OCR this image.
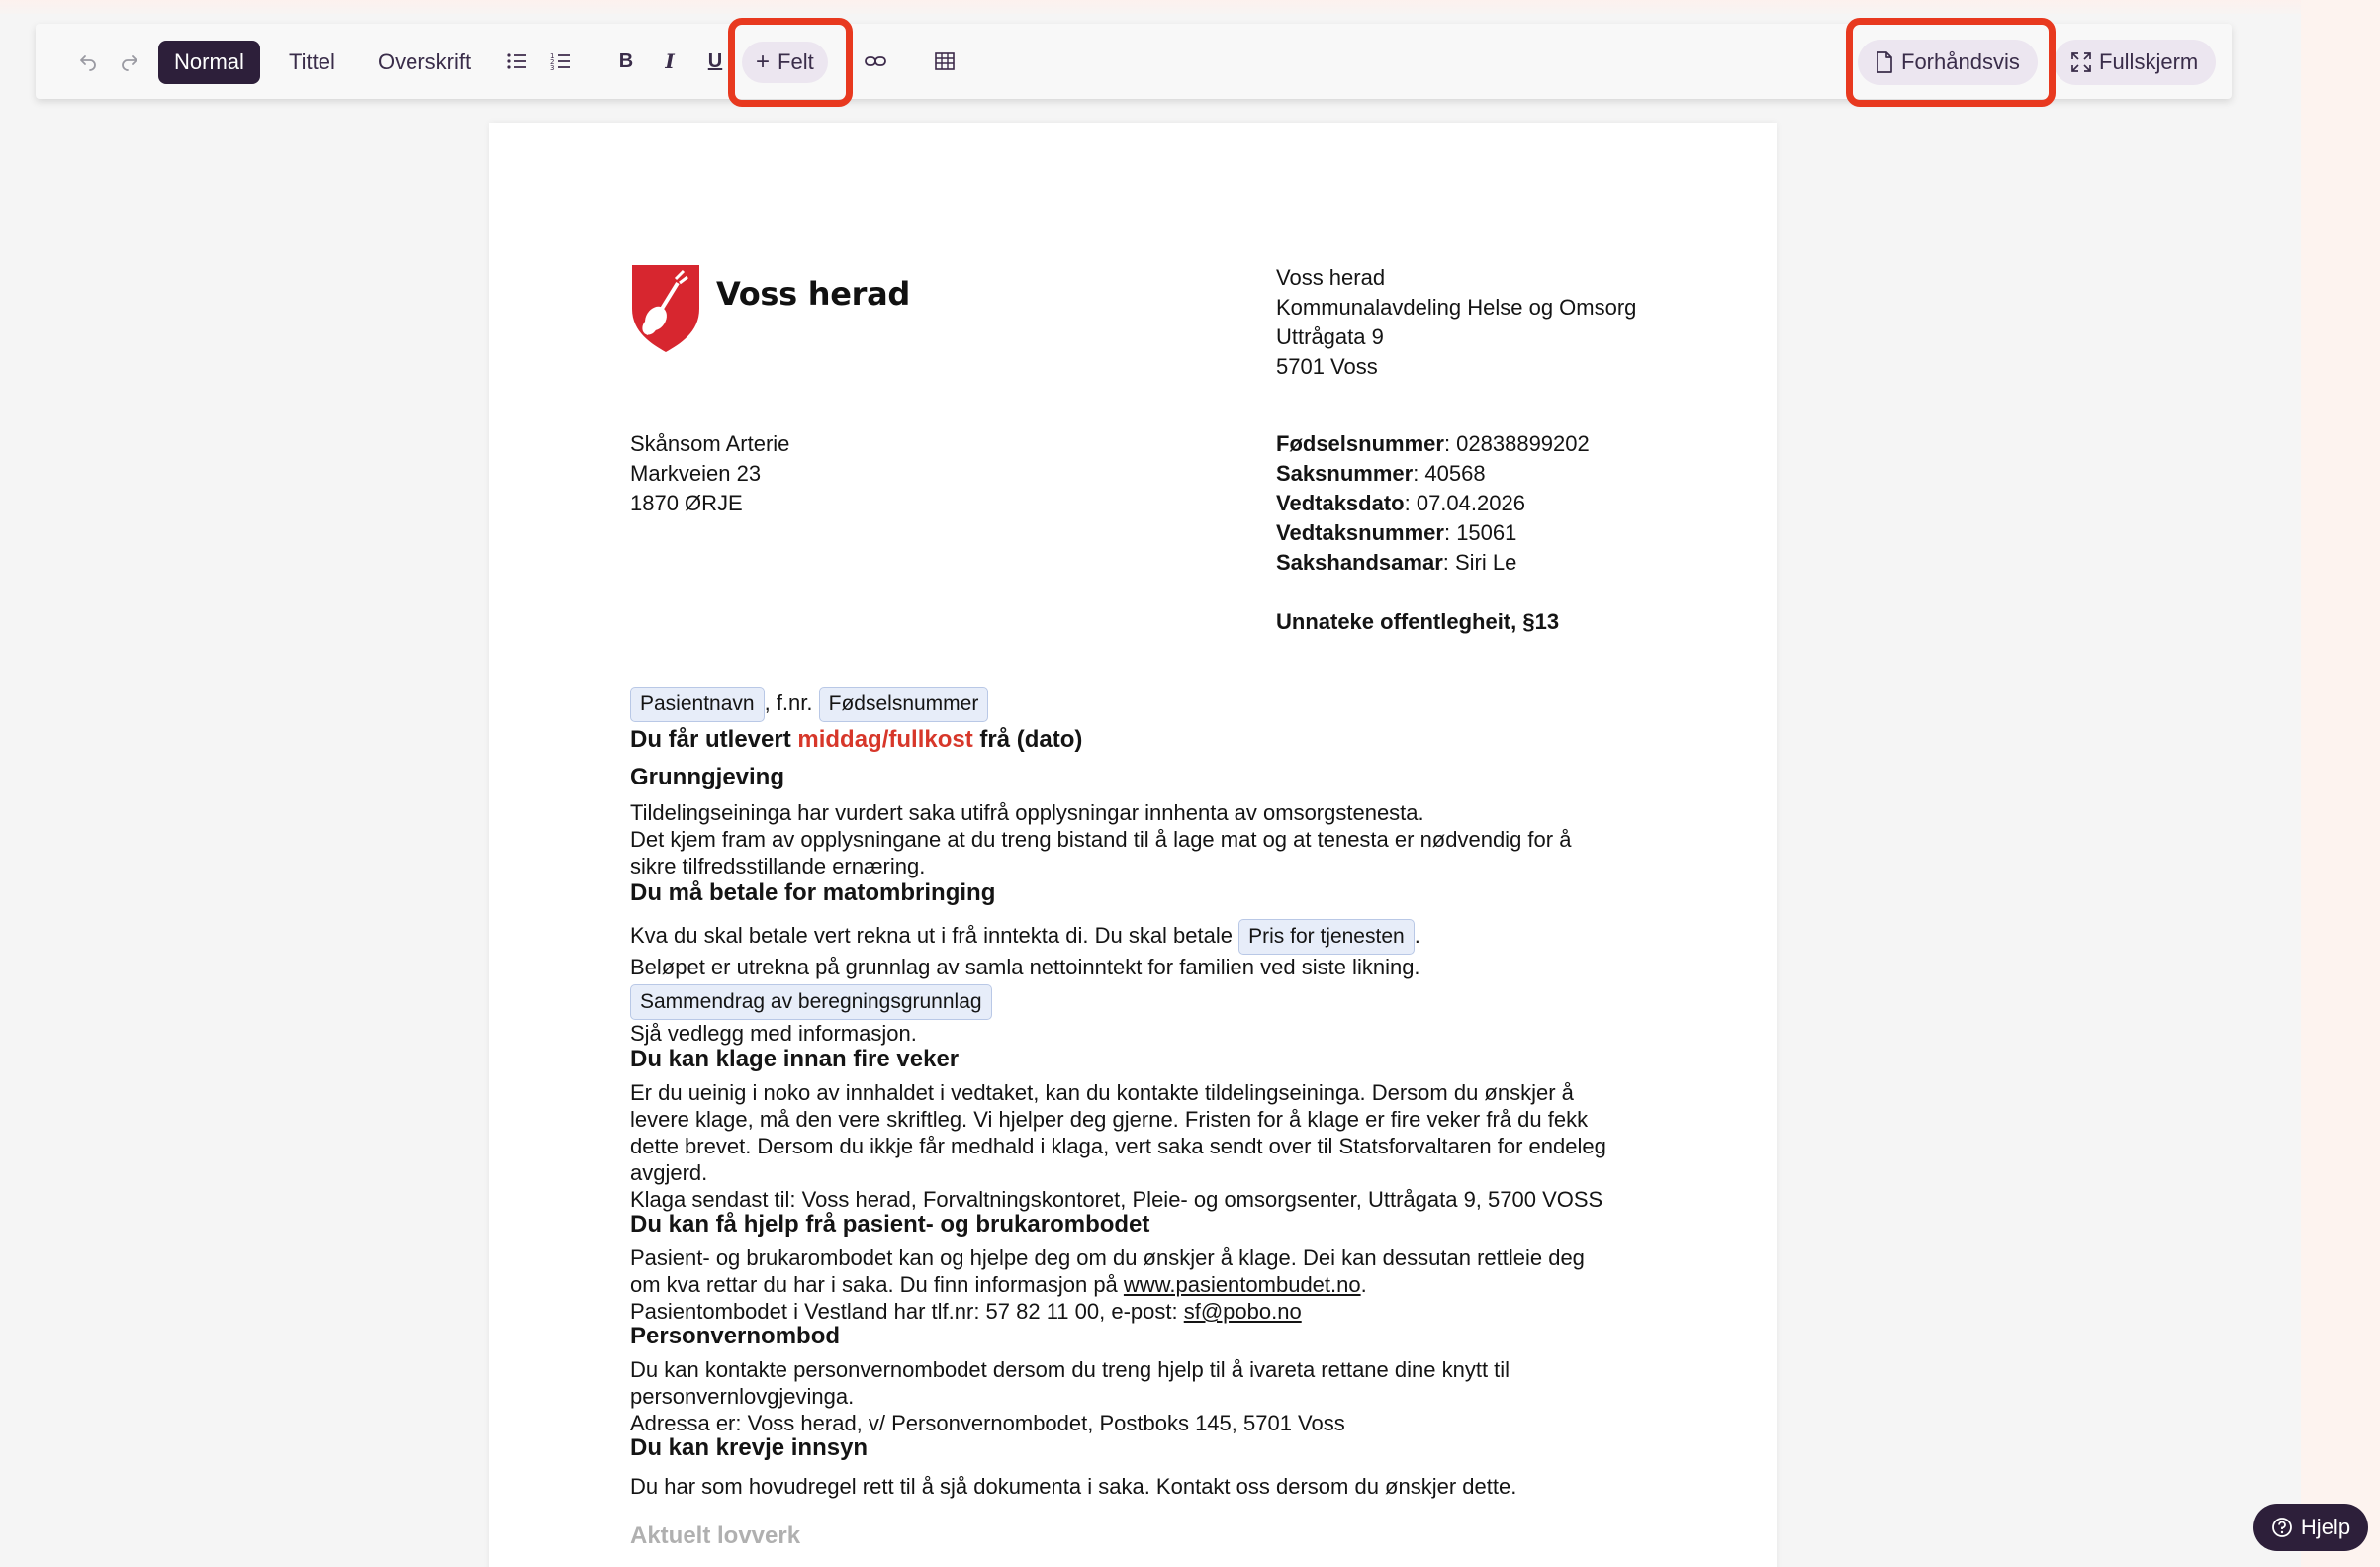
Normal	Tittel	Overskrift	1
2
3	B	I	U	+ Felt	Forhåndsvis	Fullskjerm
Voss herad	Voss herad
Kommunalavdeling Helse og Omsorg
Uttrågata 9
5701 Voss
Skånsom Arterie
Markveien 23
1870 ØRJE
Fødselsnummer: 02838899202
Saksnummer: 40568
Vedtaksdato: 07.04.2026
Vedtaksnummer: 15061
Sakshandsamar: Siri Le
Unnateke offentlegheit, §13
Pasientnavn , f.nr. Fødselsnummer
Du får utlevert middag/fullkost frå (dato)
Grunngjeving
Tildelingseininga har vurdert saka utifrå opplysningar innhenta av omsorgstenesta.
Det kjem fram av opplysningane at du treng bistand til å lage mat og at tenesta er nødvendig for å
sikre tilfredsstillande ernæring.
Du må betale for matombringing
Kva du skal betale vert rekna ut i frå inntekta di. Du skal betale Pris for tjenesten .
Beløpet er utrekna på grunnlag av samla nettoinntekt for familien ved siste likning.
Sammendrag av beregningsgrunnlag
Sjå vedlegg med informasjon.
Du kan klage innan fire veker
Er du ueinig i noko av innhaldet i vedtaket, kan du kontakte tildelingseininga. Dersom du ønskjer å
levere klage, må den vere skriftleg. Vi hjelper deg gjerne. Fristen for å klage er fire veker frå du fekk
dette brevet. Dersom du ikkje får medhald i klaga, vert saka sendt over til Statsforvaltaren for endeleg
avgjerd.
Klaga sendast til: Voss herad, Forvaltningskontoret, Pleie- og omsorgsenter, Uttrågata 9, 5700 VOSS
Du kan få hjelp frå pasient- og brukarombodet
Pasient- og brukarombodet kan og hjelpe deg om du ønskjer å klage. Dei kan dessutan rettleie deg
om kva rettar du har i saka. Du finn informasjon på www.pasientombudet.no.
Pasientombodet i Vestland har tlf.nr: 57 82 11 00, e-post: sf@pobo.no
Personvernombod
Du kan kontakte personvernombodet dersom du treng hjelp til å ivareta rettane dine knytt til
personvernlovgjevinga.
Adressa er: Voss herad, v/ Personvernombodet, Postboks 145, 5701 Voss
Du kan krevje innsyn
Du har som hovudregel rett til å sjå dokumenta i saka. Kontakt oss dersom du ønskjer dette.
Aktuelt lovverk	Hjelp
